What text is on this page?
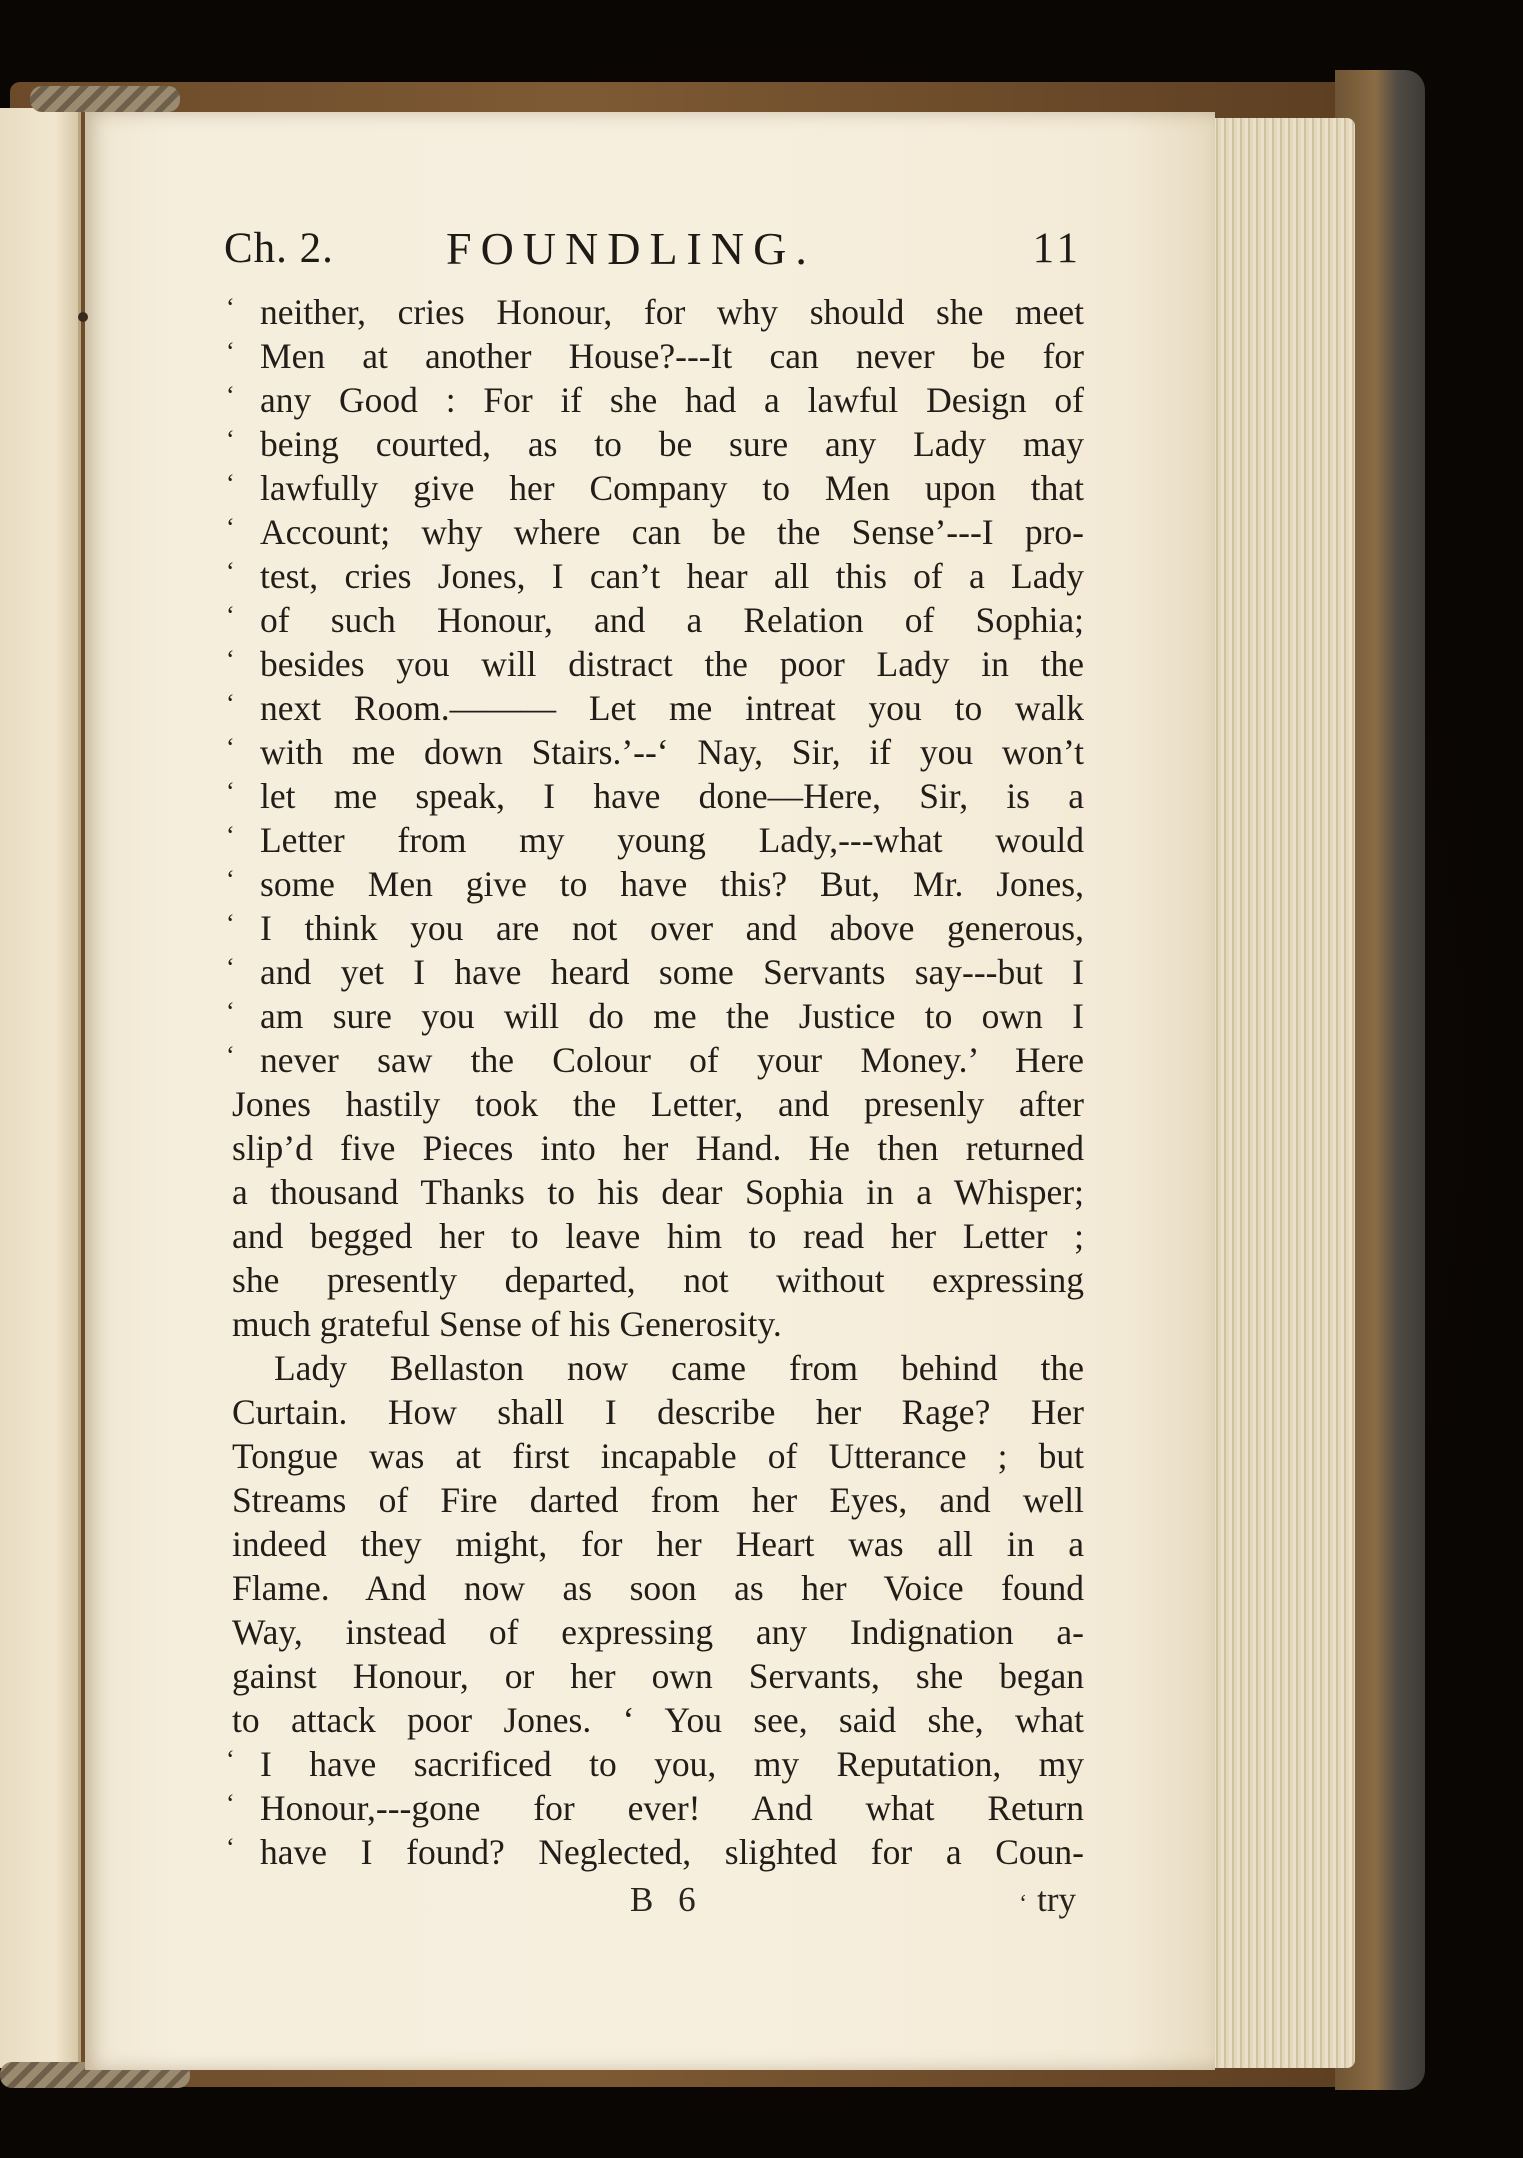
Ch. 2. FOUNDLING.	11
‘ neither, cries Honour, for why should she meet
‘ Men at another House?---It can never be for
‘ any Good : For if she had a lawful Design of
‘ being courted, as to be sure any Lady may
‘ lawfully give her Company to Men upon that
‘ Account; why where can be the Sense’---I pro-
‘ test, cries Jones, I can’t hear all this of a Lady
‘ of such Honour, and a Relation of Sophia;
‘ besides you will distract the poor Lady in the
‘ next Room.——— Let me intreat you to walk
‘ with me down Stairs.’--‘ Nay, Sir, if you won’t
‘ let me speak, I have done—Here, Sir, is a
‘ Letter from my young Lady,---what would
‘ some Men give to have this? But, Mr. Jones,
‘ I think you are not over and above generous,
‘ and yet I have heard some Servants say---but I
‘ am sure you will do me the Justice to own I
‘ never saw the Colour of your Money.’ Here
Jones hastily took the Letter, and presenly after
slip’d five Pieces into her Hand. He then returned
a thousand Thanks to his dear Sophia in a Whisper;
and begged her to leave him to read her Letter ;
she presently departed, not without expressing
much grateful Sense of his Generosity.
Lady Bellaston now came from behind the
Curtain. How shall I describe her Rage? Her
Tongue was at first incapable of Utterance ; but
Streams of Fire darted from her Eyes, and well
indeed they might, for her Heart was all in a
Flame. And now as soon as her Voice found
Way, instead of expressing any Indignation a-
gainst Honour, or her own Servants, she began
to attack poor Jones. ‘ You see, said she, what
‘ I have sacrificed to you, my Reputation, my
‘ Honour,---gone for ever! And what Return
‘ have I found? Neglected, slighted for a Coun-
B 6	‘ try
